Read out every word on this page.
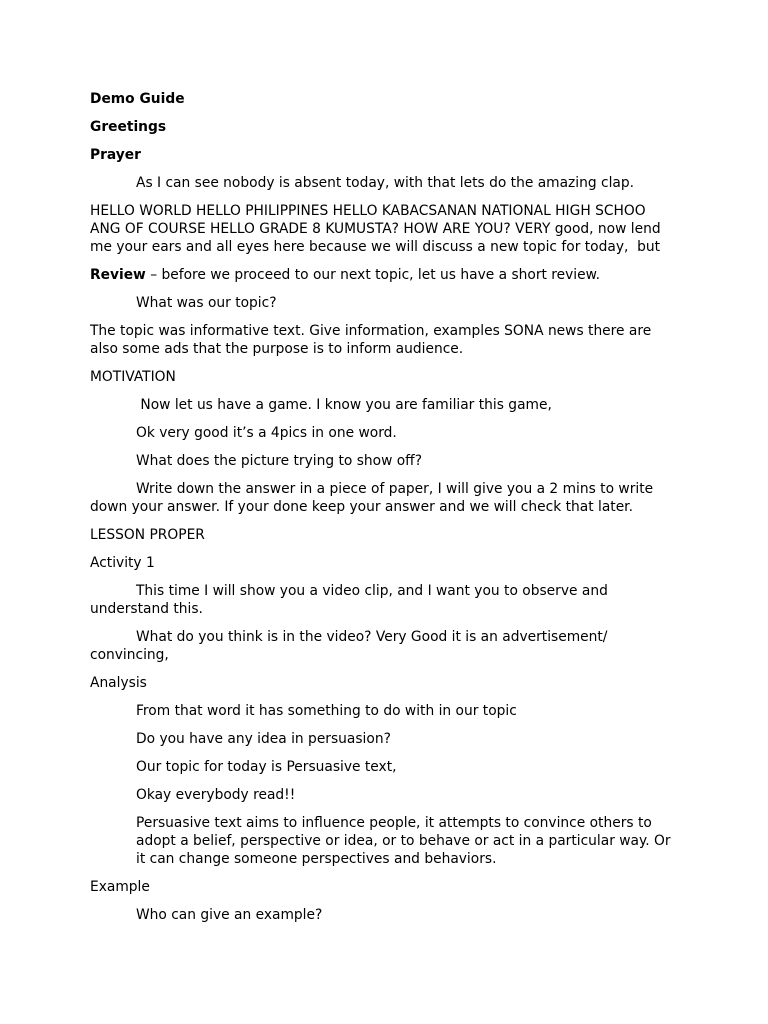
Demo Guide

Greetings

Prayer

As I can see nobody is absent today, with that lets do the amazing clap.

HELLO WORLD HELLO PHILIPPINES HELLO KABACSANAN NATIONAL HIGH SCHOO
ANG OF COURSE HELLO GRADE 8 KUMUSTA? HOW ARE YOU? VERY good, now lend
me your ears and all eyes here because we will discuss a new topic for today,  but

Review – before we proceed to our next topic, let us have a short review.

What was our topic?

The topic was informative text. Give information, examples SONA news there are also some ads that the purpose is to inform audience.

MOTIVATION

Now let us have a game. I know you are familiar this game,

Ok very good it’s a 4pics in one word.

What does the picture trying to show off?

Write down the answer in a piece of paper, I will give you a 2 mins to write down your answer. If your done keep your answer and we will check that later.

LESSON PROPER

Activity 1

This time I will show you a video clip, and I want you to observe and understand this.

What do you think is in the video? Very Good it is an advertisement/ convincing,

Analysis

From that word it has something to do with in our topic

Do you have any idea in persuasion?

Our topic for today is Persuasive text,

Okay everybody read!!

Persuasive text aims to influence people, it attempts to convince others to adopt a belief, perspective or idea, or to behave or act in a particular way. Or it can change someone perspectives and behaviors.

Example

Who can give an example?
